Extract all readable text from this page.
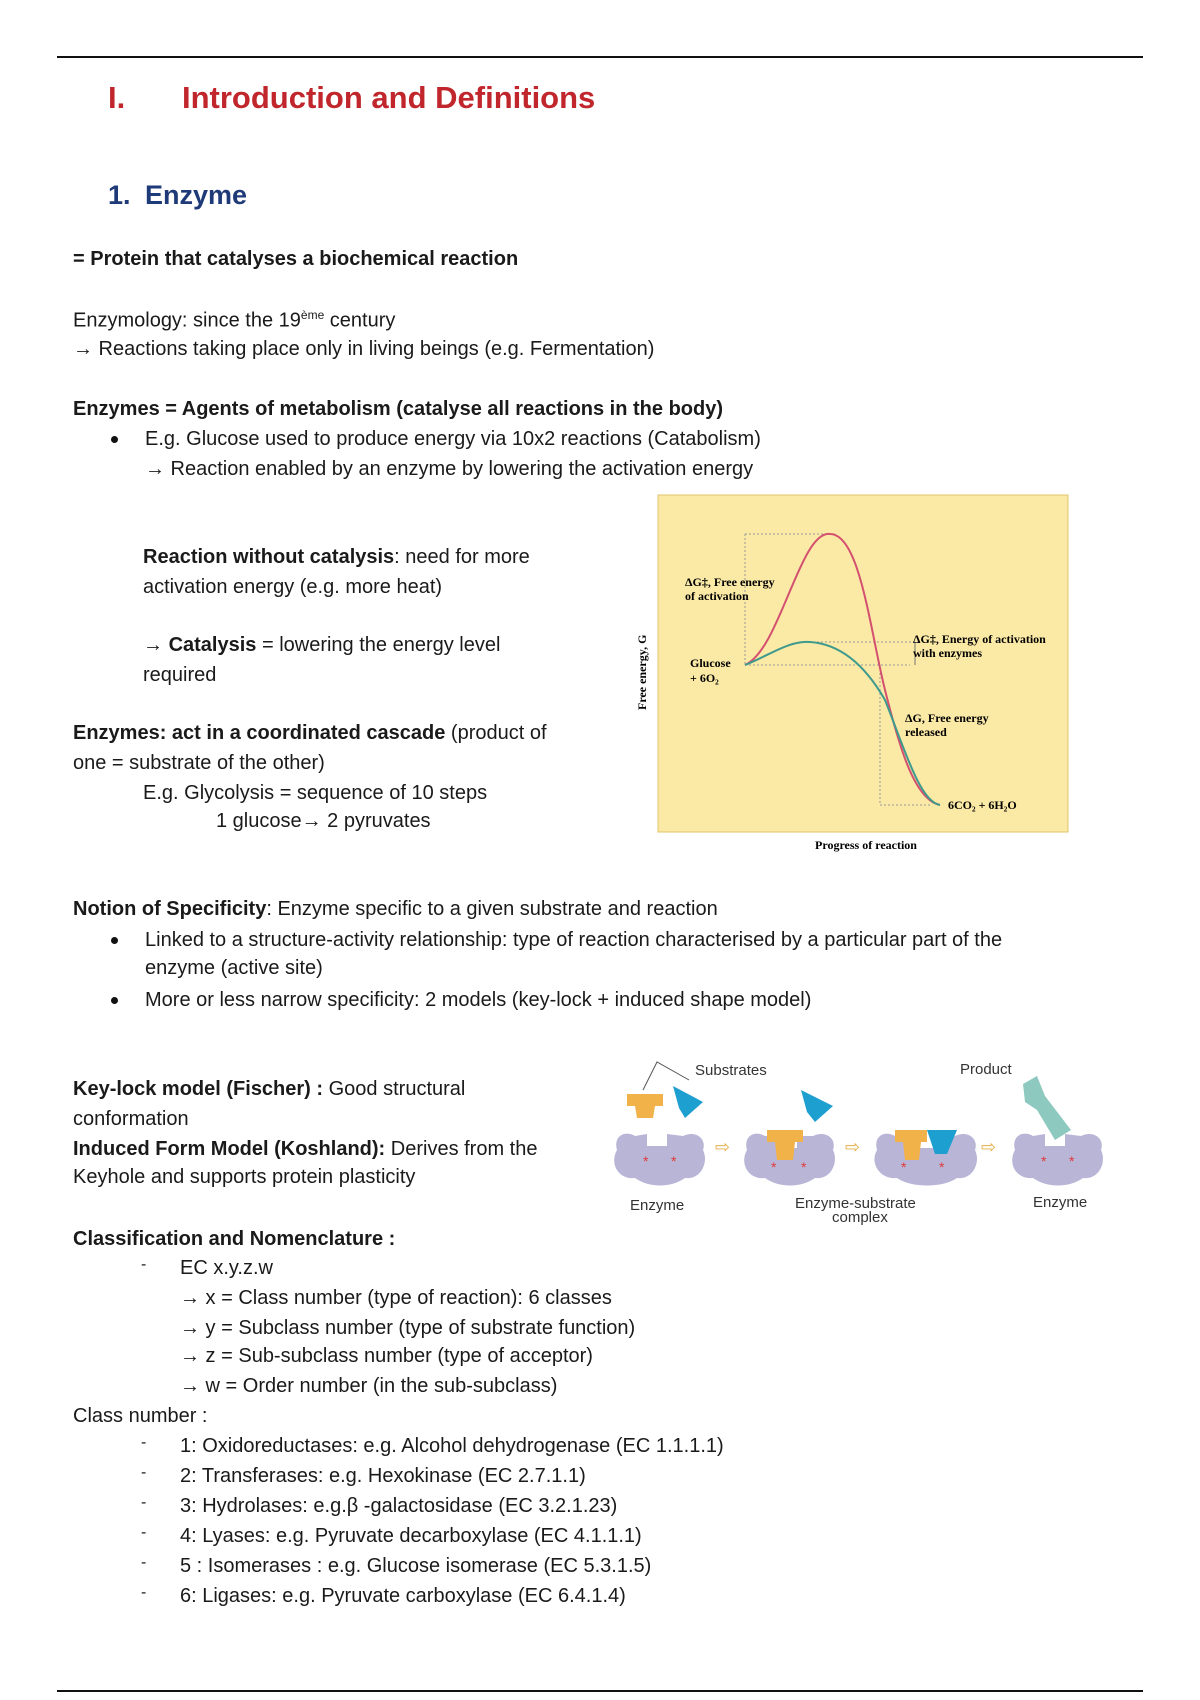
I. Introduction and Definitions
1. Enzyme
= Protein that catalyses a biochemical reaction
Enzymology: since the 19ème century
→ Reactions taking place only in living beings (e.g. Fermentation)
Enzymes = Agents of metabolism (catalyse all reactions in the body)
E.g. Glucose used to produce energy via 10x2 reactions (Catabolism)
→ Reaction enabled by an enzyme by lowering the activation energy
Reaction without catalysis: need for more
activation energy (e.g. more heat)
→ Catalysis = lowering the energy level
required
Enzymes: act in a coordinated cascade (product of
one = substrate of the other)
E.g. Glycolysis = sequence of 10 steps
1 glucose→ 2 pyruvates
ΔG‡, Free energy
of activation
ΔG‡, Energy of activation
with enzymes
Glucose
+ 6O₂
ΔG, Free energy
released
6CO₂ + 6H₂O
Progress of reaction
Free energy, G
Notion of Specificity: Enzyme specific to a given substrate and reaction
Linked to a structure-activity relationship: type of reaction characterised by a particular part of the
enzyme (active site)
More or less narrow specificity: 2 models (key-lock + induced shape model)
Key-lock model (Fischer) : Good structural
conformation
Induced Form Model (Koshland): Derives from the
Keyhole and supports protein plasticity
Substrates	Product
Enzyme	Enzyme-substrate
complex
Enzyme
* *
⇨
* *
⇨
* *
⇨
* *
Classification and Nomenclature :
- EC x.y.z.w
→ x = Class number (type of reaction): 6 classes
→ y = Subclass number (type of substrate function)
→ z = Sub-subclass number (type of acceptor)
→ w = Order number (in the sub-subclass)
Class number :
- 1: Oxidoreductases: e.g. Alcohol dehydrogenase (EC 1.1.1.1)
- 2: Transferases: e.g. Hexokinase (EC 2.7.1.1)
- 3: Hydrolases: e.g.β -galactosidase (EC 3.2.1.23)
- 4: Lyases: e.g. Pyruvate decarboxylase (EC 4.1.1.1)
- 5 : Isomerases : e.g. Glucose isomerase (EC 5.3.1.5)
- 6: Ligases: e.g. Pyruvate carboxylase (EC 6.4.1.4)
